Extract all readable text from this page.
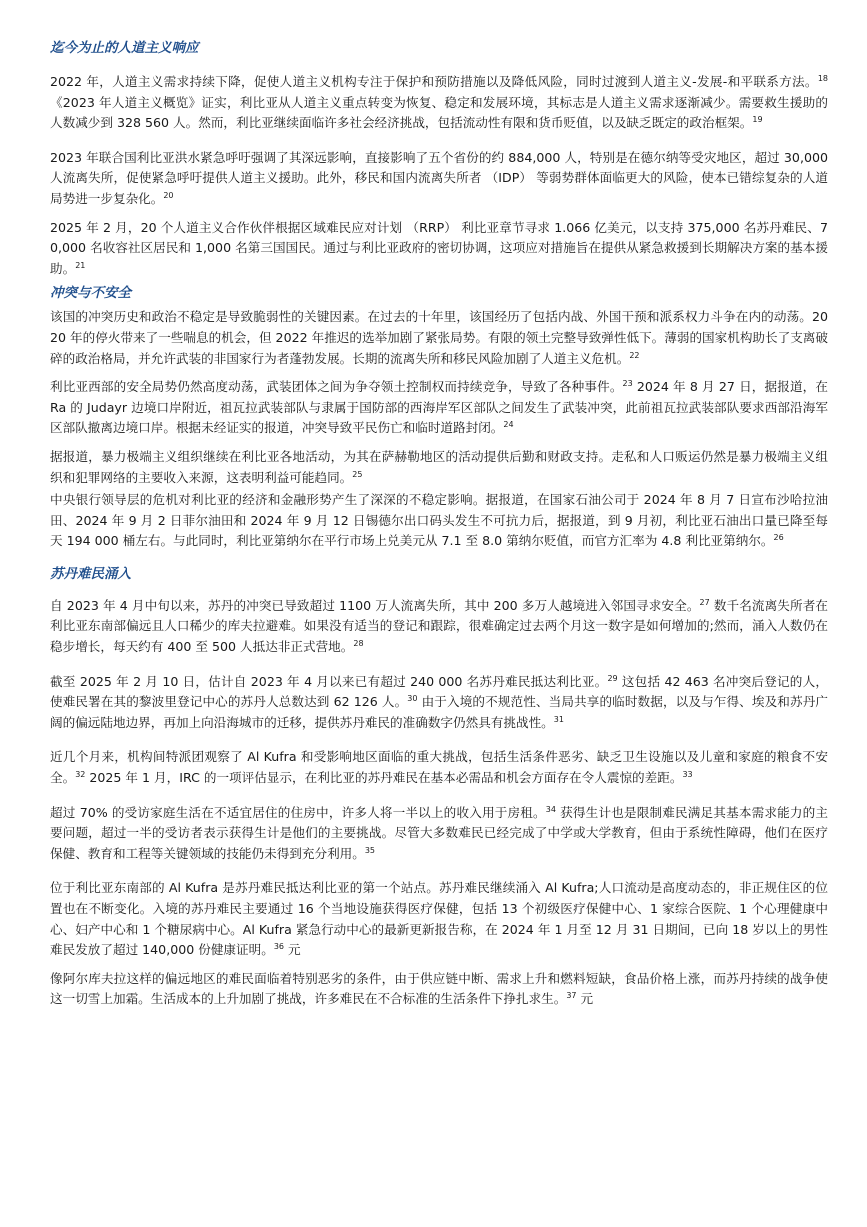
迄今为止的人道主义响应

2022 年，人道主义需求持续下降，促使人道主义机构专注于保护和预防措施以及降低风险，同时过渡到人道主义-发展-和平联系方法。$^{18}$ 《2023 年人道主义概览》证实，利比亚从人道主义重点转变为恢复、稳定和发展环境，其标志是人道主义需求逐渐减少。需要救生援助的人数减少到 328 560 人。然而，利比亚继续面临许多社会经济挑战，包括流动性有限和货币贬值，以及缺乏既定的政治框架。$^{19}$

2023 年联合国利比亚洪水紧急呼吁强调了其深远影响，直接影响了五个省份的约 884,000 人，特别是在德尔纳等受灾地区，超过 30,000 人流离失所，促使紧急呼吁提供人道主义援助。此外，移民和国内流离失所者 （IDP） 等弱势群体面临更大的风险，使本已错综复杂的人道局势进一步复杂化。$^{20}$

2025 年 2 月，20 个人道主义合作伙伴根据区域难民应对计划 （RRP） 利比亚章节寻求 1.066 亿美元，以支持 375,000 名苏丹难民、70,000 名收容社区居民和 1,000 名第三国国民。通过与利比亚政府的密切协调，这项应对措施旨在提供从紧急救援到长期解决方案的基本援助。$^{21}$

冲突与不安全

该国的冲突历史和政治不稳定是导致脆弱性的关键因素。在过去的十年里，该国经历了包括内战、外国干预和派系权力斗争在内的动荡。2020 年的停火带来了一些喘息的机会，但 2022 年推迟的选举加剧了紧张局势。有限的领土完整导致弹性低下。薄弱的国家机构助长了支离破碎的政治格局，并允许武装的非国家行为者蓬勃发展。长期的流离失所和移民风险加剧了人道主义危机。$^{22}$

利比亚西部的安全局势仍然高度动荡，武装团体之间为争夺领土控制权而持续竞争，导致了各种事件。$^{23}$ 2024 年 8 月 27 日，据报道，在 Ra 的 Judayr 边境口岸附近，祖瓦拉武装部队与隶属于国防部的西海岸军区部队之间发生了武装冲突，此前祖瓦拉武装部队要求西部沿海军区部队撤离边境口岸。根据未经证实的报道，冲突导致平民伤亡和临时道路封闭。$^{24}$

据报道，暴力极端主义组织继续在利比亚各地活动，为其在萨赫勒地区的活动提供后勤和财政支持。走私和人口贩运仍然是暴力极端主义组织和犯罪网络的主要收入来源，这表明利益可能趋同。$^{25}$

中央银行领导层的危机对利比亚的经济和金融形势产生了深深的不稳定影响。据报道，在国家石油公司于 2024 年 8 月 7 日宣布沙哈拉油田、2024 年 9 月 2 日菲尔油田和 2024 年 9 月 12 日锡德尔出口码头发生不可抗力后，据报道，到 9 月初，利比亚石油出口量已降至每天 194 000 桶左右。与此同时，利比亚第纳尔在平行市场上兑美元从 7.1 至 8.0 第纳尔贬值，而官方汇率为 4.8 利比亚第纳尔。$^{26}$

苏丹难民涌入

自 2023 年 4 月中旬以来，苏丹的冲突已导致超过 1100 万人流离失所，其中 200 多万人越境进入邻国寻求安全。$^{27}$ 数千名流离失所者在利比亚东南部偏远且人口稀少的库夫拉避难。如果没有适当的登记和跟踪，很难确定过去两个月这一数字是如何增加的;然而，涌入人数仍在稳步增长，每天约有 400 至 500 人抵达非正式营地。$^{28}$

截至 2025 年 2 月 10 日，估计自 2023 年 4 月以来已有超过 240 000 名苏丹难民抵达利比亚。$^{29}$ 这包括 42 463 名冲突后登记的人，使难民署在其的黎波里登记中心的苏丹人总数达到 62 126 人。$^{30}$ 由于入境的不规范性、当局共享的临时数据，以及与乍得、埃及和苏丹广阔的偏远陆地边界，再加上向沿海城市的迁移，提供苏丹难民的准确数字仍然具有挑战性。$^{31}$

近几个月来，机构间特派团观察了 Al Kufra 和受影响地区面临的重大挑战，包括生活条件恶劣、缺乏卫生设施以及儿童和家庭的粮食不安全。$^{32}$ 2025 年 1 月，IRC 的一项评估显示，在利比亚的苏丹难民在基本必需品和机会方面存在令人震惊的差距。$^{33}$

超过 70% 的受访家庭生活在不适宜居住的住房中，许多人将一半以上的收入用于房租。$^{34}$ 获得生计也是限制难民满足其基本需求能力的主要问题，超过一半的受访者表示获得生计是他们的主要挑战。尽管大多数难民已经完成了中学或大学教育，但由于系统性障碍，他们在医疗保健、教育和工程等关键领域的技能仍未得到充分利用。$^{35}$

位于利比亚东南部的 Al Kufra 是苏丹难民抵达利比亚的第一个站点。苏丹难民继续涌入 Al Kufra;人口流动是高度动态的，非正规住区的位置也在不断变化。入境的苏丹难民主要通过 16 个当地设施获得医疗保健，包括 13 个初级医疗保健中心、1 家综合医院、1 个心理健康中心、妇产中心和 1 个糖尿病中心。Al Kufra 紧急行动中心的最新更新报告称，在 2024 年 1 月至 12 月 31 日期间，已向 18 岁以上的男性难民发放了超过 140,000 份健康证明。$^{36}$ 元

像阿尔库夫拉这样的偏远地区的难民面临着特别恶劣的条件，由于供应链中断、需求上升和燃料短缺，食品价格上涨，而苏丹持续的战争使这一切雪上加霜。生活成本的上升加剧了挑战，许多难民在不合标准的生活条件下挣扎求生。$^{37}$ 元
